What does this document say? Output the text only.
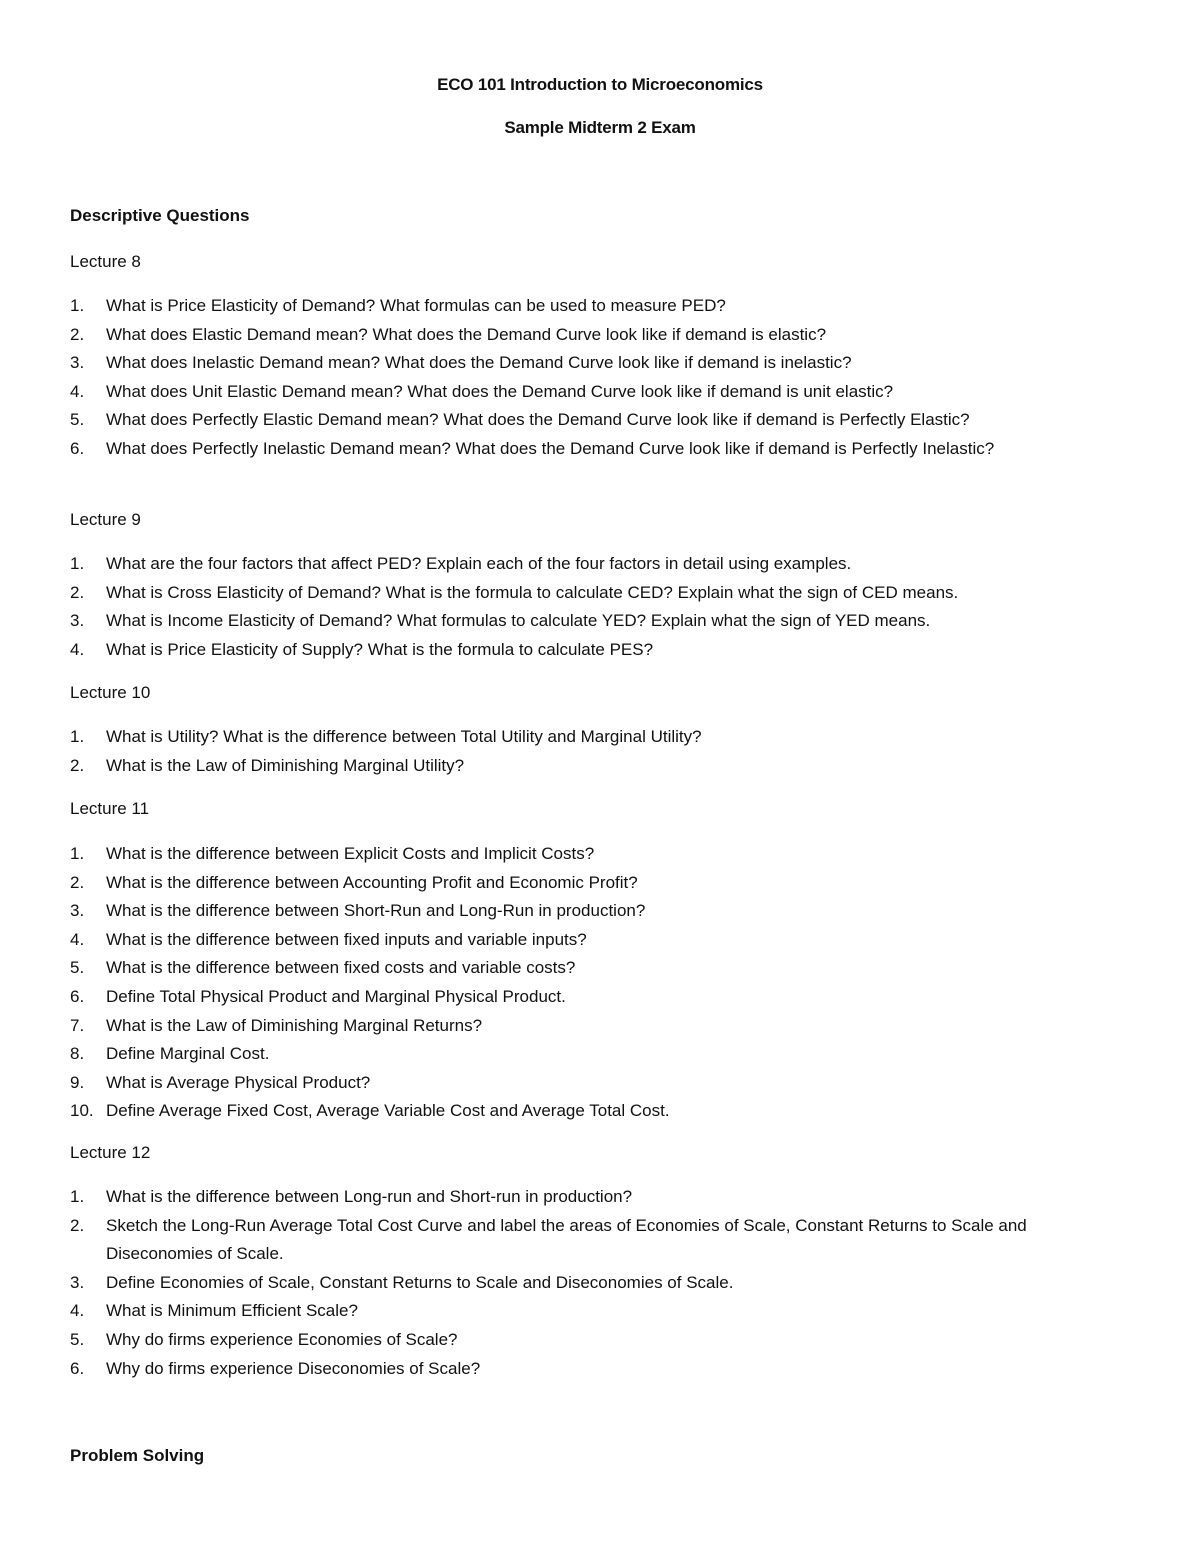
ECO 101 Introduction to Microeconomics
Sample Midterm 2 Exam
Descriptive Questions
Lecture 8
1.	What is Price Elasticity of Demand? What formulas can be used to measure PED?
2.	What does Elastic Demand mean? What does the Demand Curve look like if demand is elastic?
3.	What does Inelastic Demand mean? What does the Demand Curve look like if demand is inelastic?
4.	What does Unit Elastic Demand mean? What does the Demand Curve look like if demand is unit elastic?
5.	What does Perfectly Elastic Demand mean? What does the Demand Curve look like if demand is Perfectly Elastic?
6.	What does Perfectly Inelastic Demand mean? What does the Demand Curve look like if demand is Perfectly Inelastic?
Lecture 9
1.	What are the four factors that affect PED? Explain each of the four factors in detail using examples.
2.	What is Cross Elasticity of Demand? What is the formula to calculate CED? Explain what the sign of CED means.
3.	What is Income Elasticity of Demand? What formulas to calculate YED? Explain what the sign of YED means.
4.	What is Price Elasticity of Supply? What is the formula to calculate PES?
Lecture 10
1.	What is Utility? What is the difference between Total Utility and Marginal Utility?
2.	What is the Law of Diminishing Marginal Utility?
Lecture 11
1.	What is the difference between Explicit Costs and Implicit Costs?
2.	What is the difference between Accounting Profit and Economic Profit?
3.	What is the difference between Short-Run and Long-Run in production?
4.	What is the difference between fixed inputs and variable inputs?
5.	What is the difference between fixed costs and variable costs?
6.	Define Total Physical Product and Marginal Physical Product.
7.	What is the Law of Diminishing Marginal Returns?
8.	Define Marginal Cost.
9.	What is Average Physical Product?
10. Define Average Fixed Cost, Average Variable Cost and Average Total Cost.
Lecture 12
1.	What is the difference between Long-run and Short-run in production?
2.	Sketch the Long-Run Average Total Cost Curve and label the areas of Economies of Scale, Constant Returns to Scale and Diseconomies of Scale.
3.	Define Economies of Scale, Constant Returns to Scale and Diseconomies of Scale.
4.	What is Minimum Efficient Scale?
5.	Why do firms experience Economies of Scale?
6.	Why do firms experience Diseconomies of Scale?
Problem Solving
